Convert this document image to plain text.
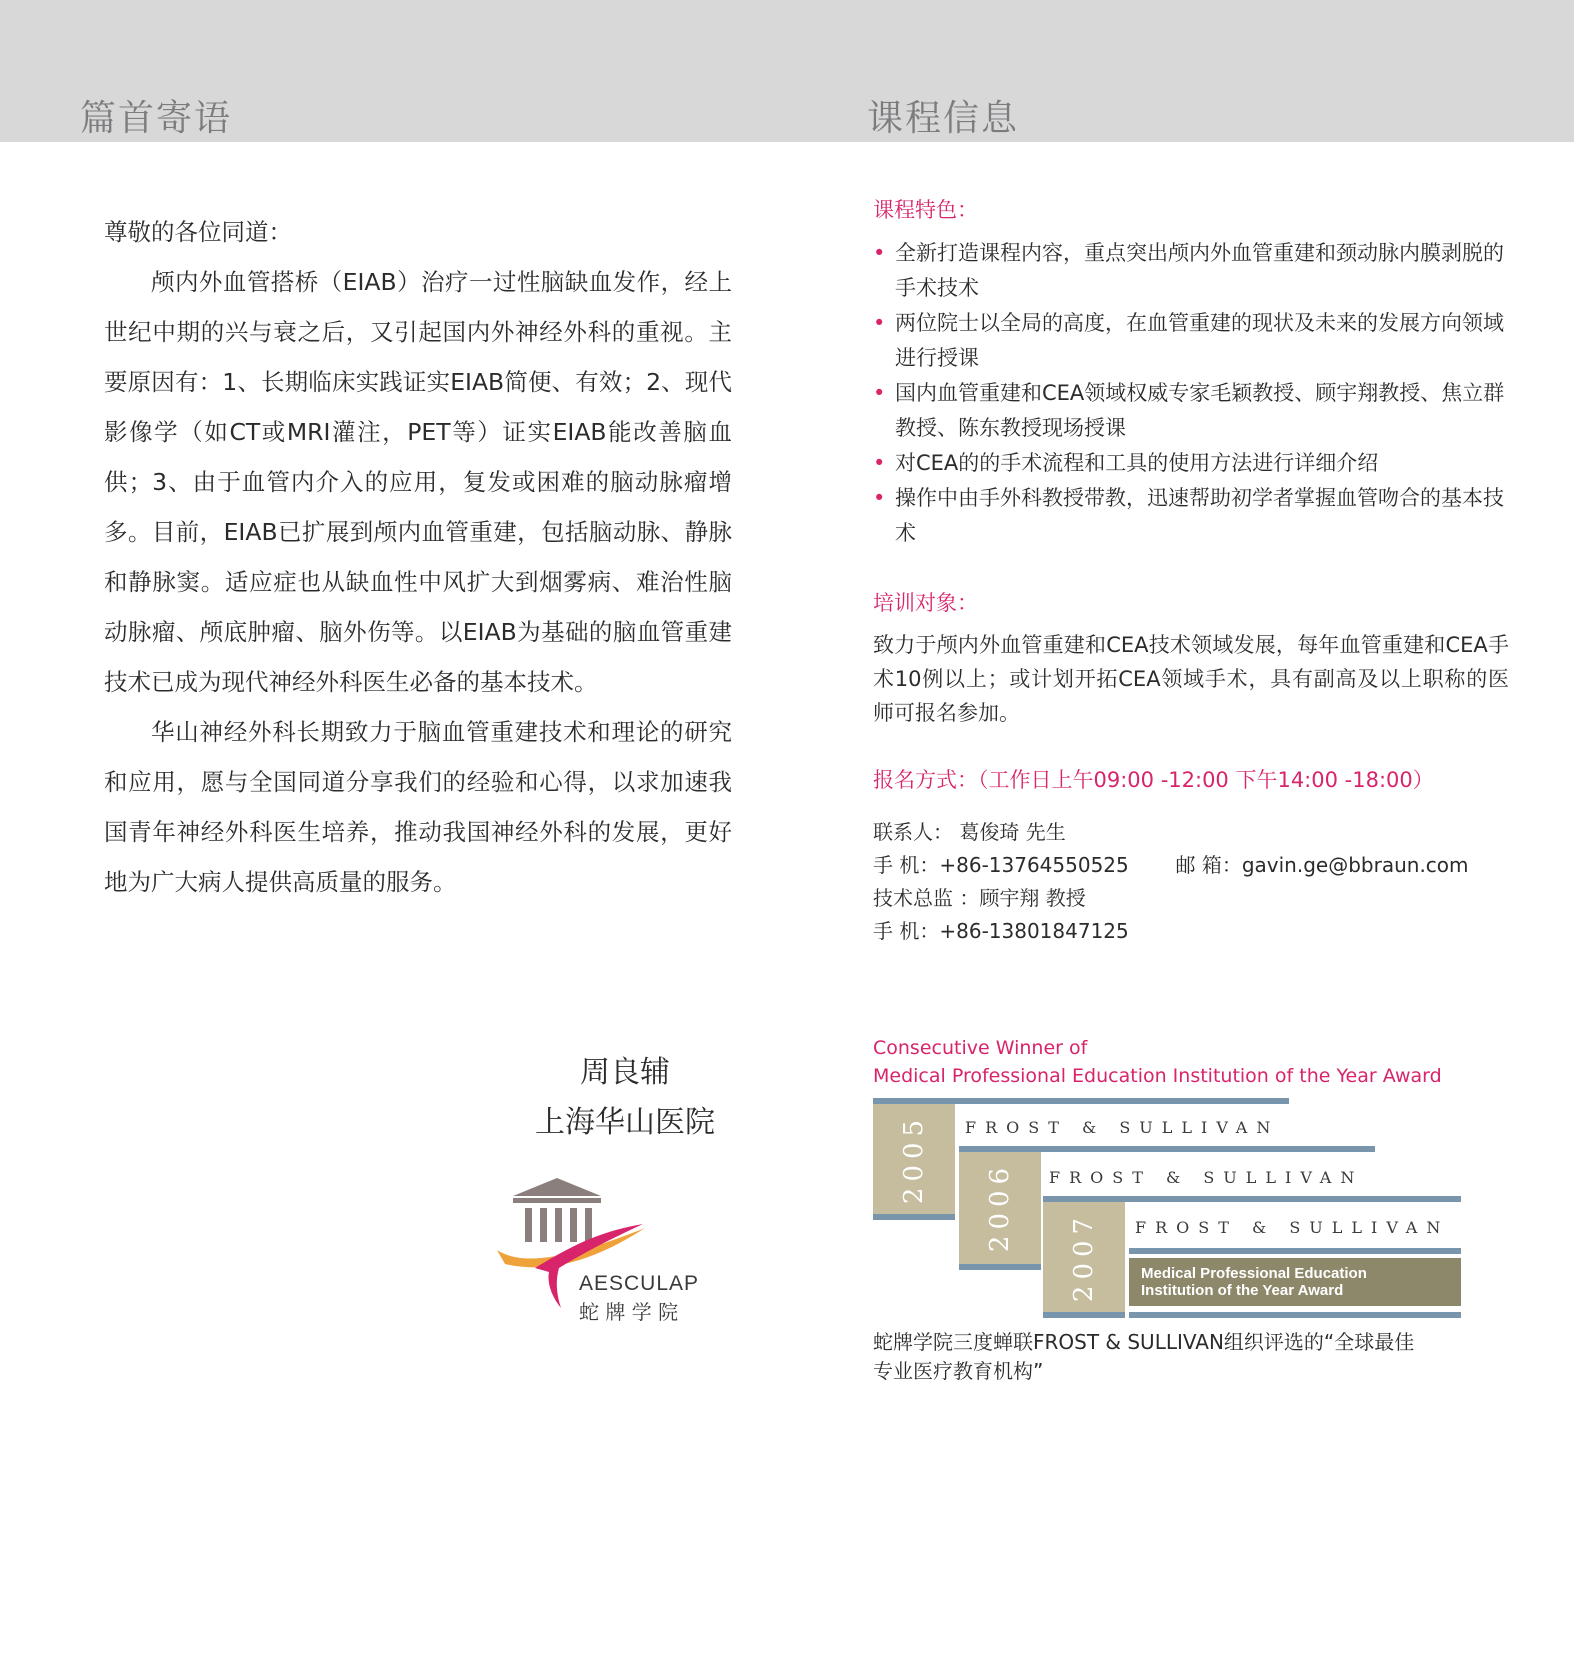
篇首寄语	课程信息
尊敬的各位同道：

颅内外血管搭桥（EIAB）治疗一过性脑缺血发作，经上世纪中期的兴与衰之后，又引起国内外神经外科的重视。主要原因有：1、长期临床实践证实EIAB简便、有效；2、现代影像学（如CT或MRI灌注，PET等）证实EIAB能改善脑血供；3、由于血管内介入的应用，复发或困难的脑动脉瘤增多。目前，EIAB已扩展到颅内血管重建，包括脑动脉、静脉和静脉窦。适应症也从缺血性中风扩大到烟雾病、难治性脑动脉瘤、颅底肿瘤、脑外伤等。以EIAB为基础的脑血管重建技术已成为现代神经外科医生必备的基本技术。

华山神经外科长期致力于脑血管重建技术和理论的研究和应用，愿与全国同道分享我们的经验和心得，以求加速我国青年神经外科医生培养，推动我国神经外科的发展，更好地为广大病人提供高质量的服务。

周良辅
上海华山医院
AESCULAP
蛇 牌 学 院
课程特色：
• 全新打造课程内容，重点突出颅内外血管重建和颈动脉内膜剥脱的手术技术
• 两位院士以全局的高度，在血管重建的现状及未来的发展方向领域进行授课
• 国内血管重建和CEA领域权威专家毛颖教授、顾宇翔教授、焦立群教授、陈东教授现场授课
• 对CEA的的手术流程和工具的使用方法进行详细介绍
• 操作中由手外科教授带教，迅速帮助初学者掌握血管吻合的基本技术
培训对象：
致力于颅内外血管重建和CEA技术领域发展，每年血管重建和CEA手术10例以上；或计划开拓CEA领域手术，具有副高及以上职称的医师可报名参加。
报名方式：（工作日上午09:00 -12:00 下午14:00 -18:00）
联系人： 葛俊琦 先生
手 机：+86-13764550525 邮 箱：gavin.ge@bbraun.com
技术总监 ：顾宇翔 教授
手 机：+86-13801847125
Consecutive Winner of
Medical Professional Education Institution of the Year Award
2005 FROST & SULLIVAN
2006 FROST & SULLIVAN
2007 FROST & SULLIVAN
Medical Professional Education
Institution of the Year Award
蛇牌学院三度蝉联FROST & SULLIVAN组织评选的“全球最佳专业医疗教育机构”
